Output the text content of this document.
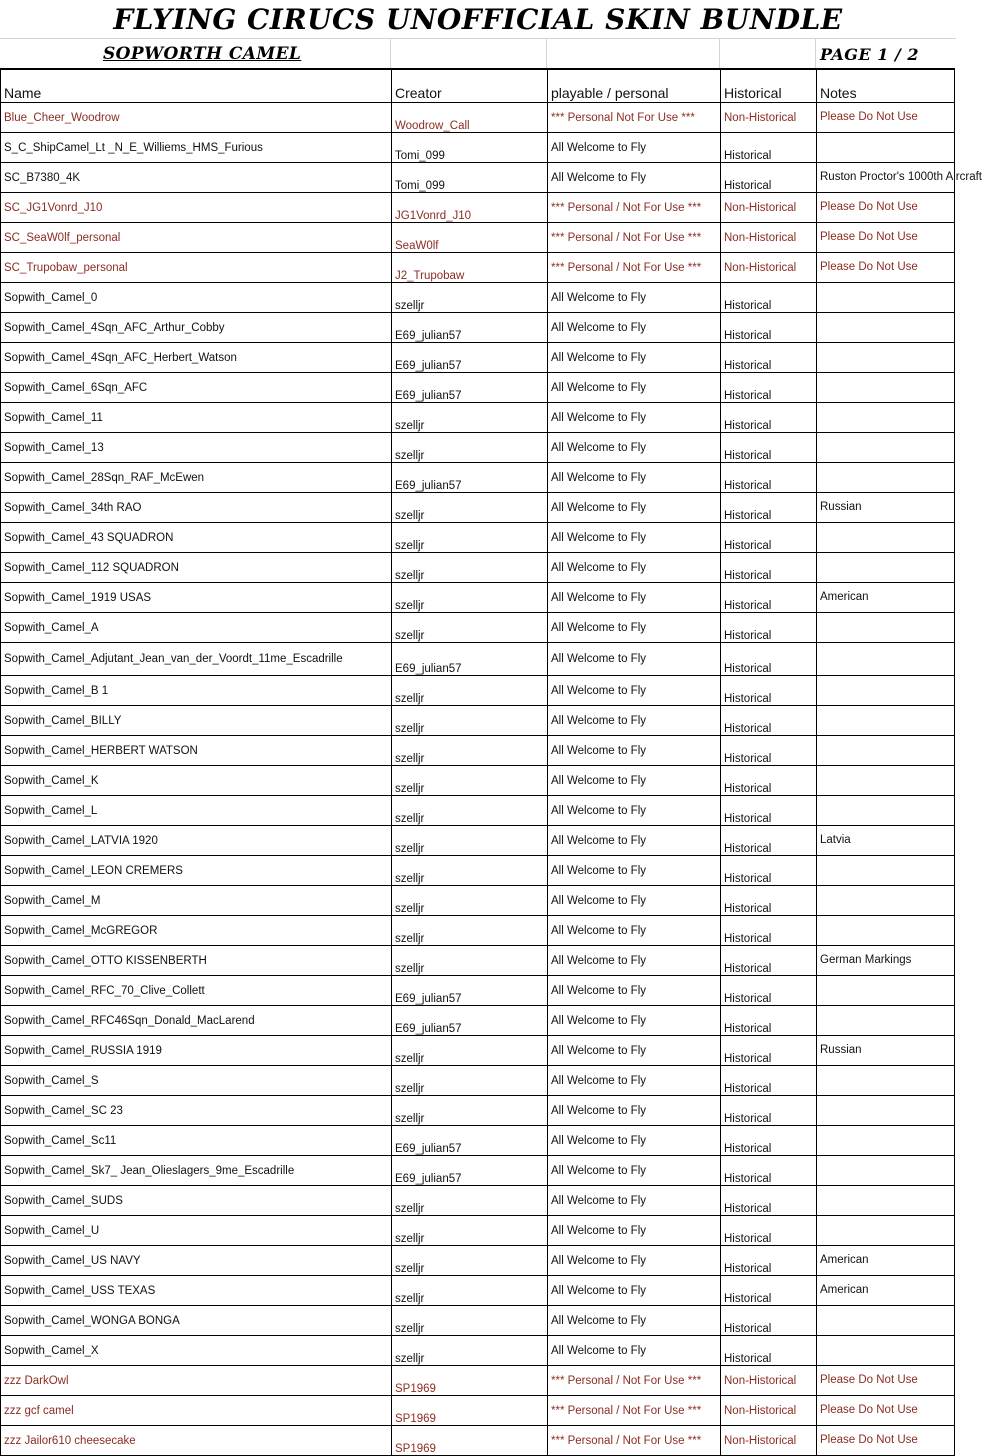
FLYING CIRUCS UNOFFICIAL SKIN BUNDLE
SOPWORTH CAMEL	PAGE 1 / 2
Name	Creator	playable / personal	Historical	Notes
Blue_Cheer_Woodrow	Woodrow_Call	*** Personal Not For Use ***	Non-Historical	Please Do Not Use
S_C_ShipCamel_Lt _N_E_Williems_HMS_Furious	Tomi_099	All Welcome to Fly	Historical	
SC_B7380_4K	Tomi_099	All Welcome to Fly	Historical	Ruston Proctor's 1000th Aircraft
SC_JG1Vonrd_J10	JG1Vonrd_J10	*** Personal / Not For Use ***	Non-Historical	Please Do Not Use
SC_SeaW0lf_personal	SeaW0lf	*** Personal / Not For Use ***	Non-Historical	Please Do Not Use
SC_Trupobaw_personal	J2_Trupobaw	*** Personal / Not For Use ***	Non-Historical	Please Do Not Use
Sopwith_Camel_0	szelljr	All Welcome to Fly	Historical	
Sopwith_Camel_4Sqn_AFC_Arthur_Cobby	E69_julian57	All Welcome to Fly	Historical	
Sopwith_Camel_4Sqn_AFC_Herbert_Watson	E69_julian57	All Welcome to Fly	Historical	
Sopwith_Camel_6Sqn_AFC	E69_julian57	All Welcome to Fly	Historical	
Sopwith_Camel_11	szelljr	All Welcome to Fly	Historical	
Sopwith_Camel_13	szelljr	All Welcome to Fly	Historical	
Sopwith_Camel_28Sqn_RAF_McEwen	E69_julian57	All Welcome to Fly	Historical	
Sopwith_Camel_34th RAO	szelljr	All Welcome to Fly	Historical	Russian
Sopwith_Camel_43 SQUADRON	szelljr	All Welcome to Fly	Historical	
Sopwith_Camel_112 SQUADRON	szelljr	All Welcome to Fly	Historical	
Sopwith_Camel_1919 USAS	szelljr	All Welcome to Fly	Historical	American
Sopwith_Camel_A	szelljr	All Welcome to Fly	Historical	
Sopwith_Camel_Adjutant_Jean_van_der_Voordt_11me_Escadrille	E69_julian57	All Welcome to Fly	Historical	
Sopwith_Camel_B 1	szelljr	All Welcome to Fly	Historical	
Sopwith_Camel_BILLY	szelljr	All Welcome to Fly	Historical	
Sopwith_Camel_HERBERT WATSON	szelljr	All Welcome to Fly	Historical	
Sopwith_Camel_K	szelljr	All Welcome to Fly	Historical	
Sopwith_Camel_L	szelljr	All Welcome to Fly	Historical	
Sopwith_Camel_LATVIA 1920	szelljr	All Welcome to Fly	Historical	Latvia
Sopwith_Camel_LEON CREMERS	szelljr	All Welcome to Fly	Historical	
Sopwith_Camel_M	szelljr	All Welcome to Fly	Historical	
Sopwith_Camel_McGREGOR	szelljr	All Welcome to Fly	Historical	
Sopwith_Camel_OTTO KISSENBERTH	szelljr	All Welcome to Fly	Historical	German Markings
Sopwith_Camel_RFC_70_Clive_Collett	E69_julian57	All Welcome to Fly	Historical	
Sopwith_Camel_RFC46Sqn_Donald_MacLarend	E69_julian57	All Welcome to Fly	Historical	
Sopwith_Camel_RUSSIA 1919	szelljr	All Welcome to Fly	Historical	Russian
Sopwith_Camel_S	szelljr	All Welcome to Fly	Historical	
Sopwith_Camel_SC 23	szelljr	All Welcome to Fly	Historical	
Sopwith_Camel_Sc11	E69_julian57	All Welcome to Fly	Historical	
Sopwith_Camel_Sk7_ Jean_Olieslagers_9me_Escadrille	E69_julian57	All Welcome to Fly	Historical	
Sopwith_Camel_SUDS	szelljr	All Welcome to Fly	Historical	
Sopwith_Camel_U	szelljr	All Welcome to Fly	Historical	
Sopwith_Camel_US NAVY	szelljr	All Welcome to Fly	Historical	American
Sopwith_Camel_USS TEXAS	szelljr	All Welcome to Fly	Historical	American
Sopwith_Camel_WONGA BONGA	szelljr	All Welcome to Fly	Historical	
Sopwith_Camel_X	szelljr	All Welcome to Fly	Historical	
zzz DarkOwl	SP1969	*** Personal / Not For Use ***	Non-Historical	Please Do Not Use
zzz gcf camel	SP1969	*** Personal / Not For Use ***	Non-Historical	Please Do Not Use
zzz Jailor610 cheesecake	SP1969	*** Personal / Not For Use ***	Non-Historical	Please Do Not Use
